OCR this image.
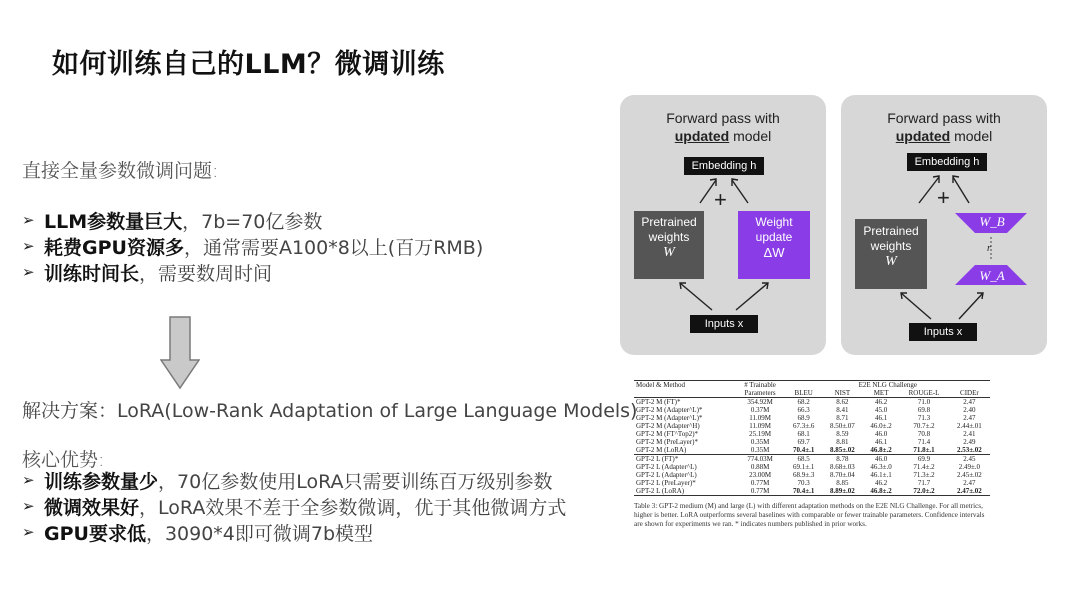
如何训练自己的LLM？微调训练
直接全量参数微调问题:
➢ LLM参数量巨大 ，7b=70亿参数
➢ 耗费GPU资源多 ，通常需要A100*8以上(百万RMB)
➢ 训练时间长 ，需要数周时间
解决方案：LoRA(Low-Rank Adaptation of Large Language Models)
核心优势:
➢ 训练参数量少 ，70亿参数使用LoRA只需要训练百万级别参数
➢ 微调效果好 ，LoRA效果不差于全参数微调，优于其他微调方式
➢ GPU要求低 ，3090*4即可微调7b模型
Forward pass with
updated model
Embedding h
+
Pretrained
weights
W
Weight
update
ΔW
Inputs x
Forward pass with
updated model
Embedding h
+
Pretrained
weights
W
W_B
r
W_A
Inputs x
Model & Method	# Trainable	E2E NLG Challenge				
	Parameters	BLEU	NIST	MET	ROUGE-L	CIDEr
GPT-2 M (FT)*	354.92M	68.2	8.62	46.2	71.0	2.47
GPT-2 M (Adapter^L)*	0.37M	66.3	8.41	45.0	69.8	2.40
GPT-2 M (Adapter^L)*	11.09M	68.9	8.71	46.1	71.3	2.47
GPT-2 M (Adapter^H)	11.09M	67.3±.6	8.50±.07	46.0±.2	70.7±.2	2.44±.01
GPT-2 M (FT^Top2)*	25.19M	68.1	8.59	46.0	70.8	2.41
GPT-2 M (PreLayer)*	0.35M	69.7	8.81	46.1	71.4	2.49
GPT-2 M (LoRA)	0.35M	70.4±.1	8.85±.02	46.8±.2	71.8±.1	2.53±.02
GPT-2 L (FT)*	774.03M	68.5	8.78	46.0	69.9	2.45
GPT-2 L (Adapter^L)	0.88M	69.1±.1	8.68±.03	46.3±.0	71.4±.2	2.49±.0
GPT-2 L (Adapter^L)	23.00M	68.9±.3	8.70±.04	46.1±.1	71.3±.2	2.45±.02
GPT-2 L (PreLayer)*	0.77M	70.3	8.85	46.2	71.7	2.47
GPT-2 L (LoRA)	0.77M	70.4±.1	8.89±.02	46.8±.2	72.0±.2	2.47±.02
Table 3: GPT-2 medium (M) and large (L) with different adaptation methods on the E2E NLG Challenge. For all metrics, higher is better. LoRA outperforms several baselines with comparable or fewer trainable parameters. Confidence intervals are shown for experiments we ran. * indicates numbers published in prior works.
